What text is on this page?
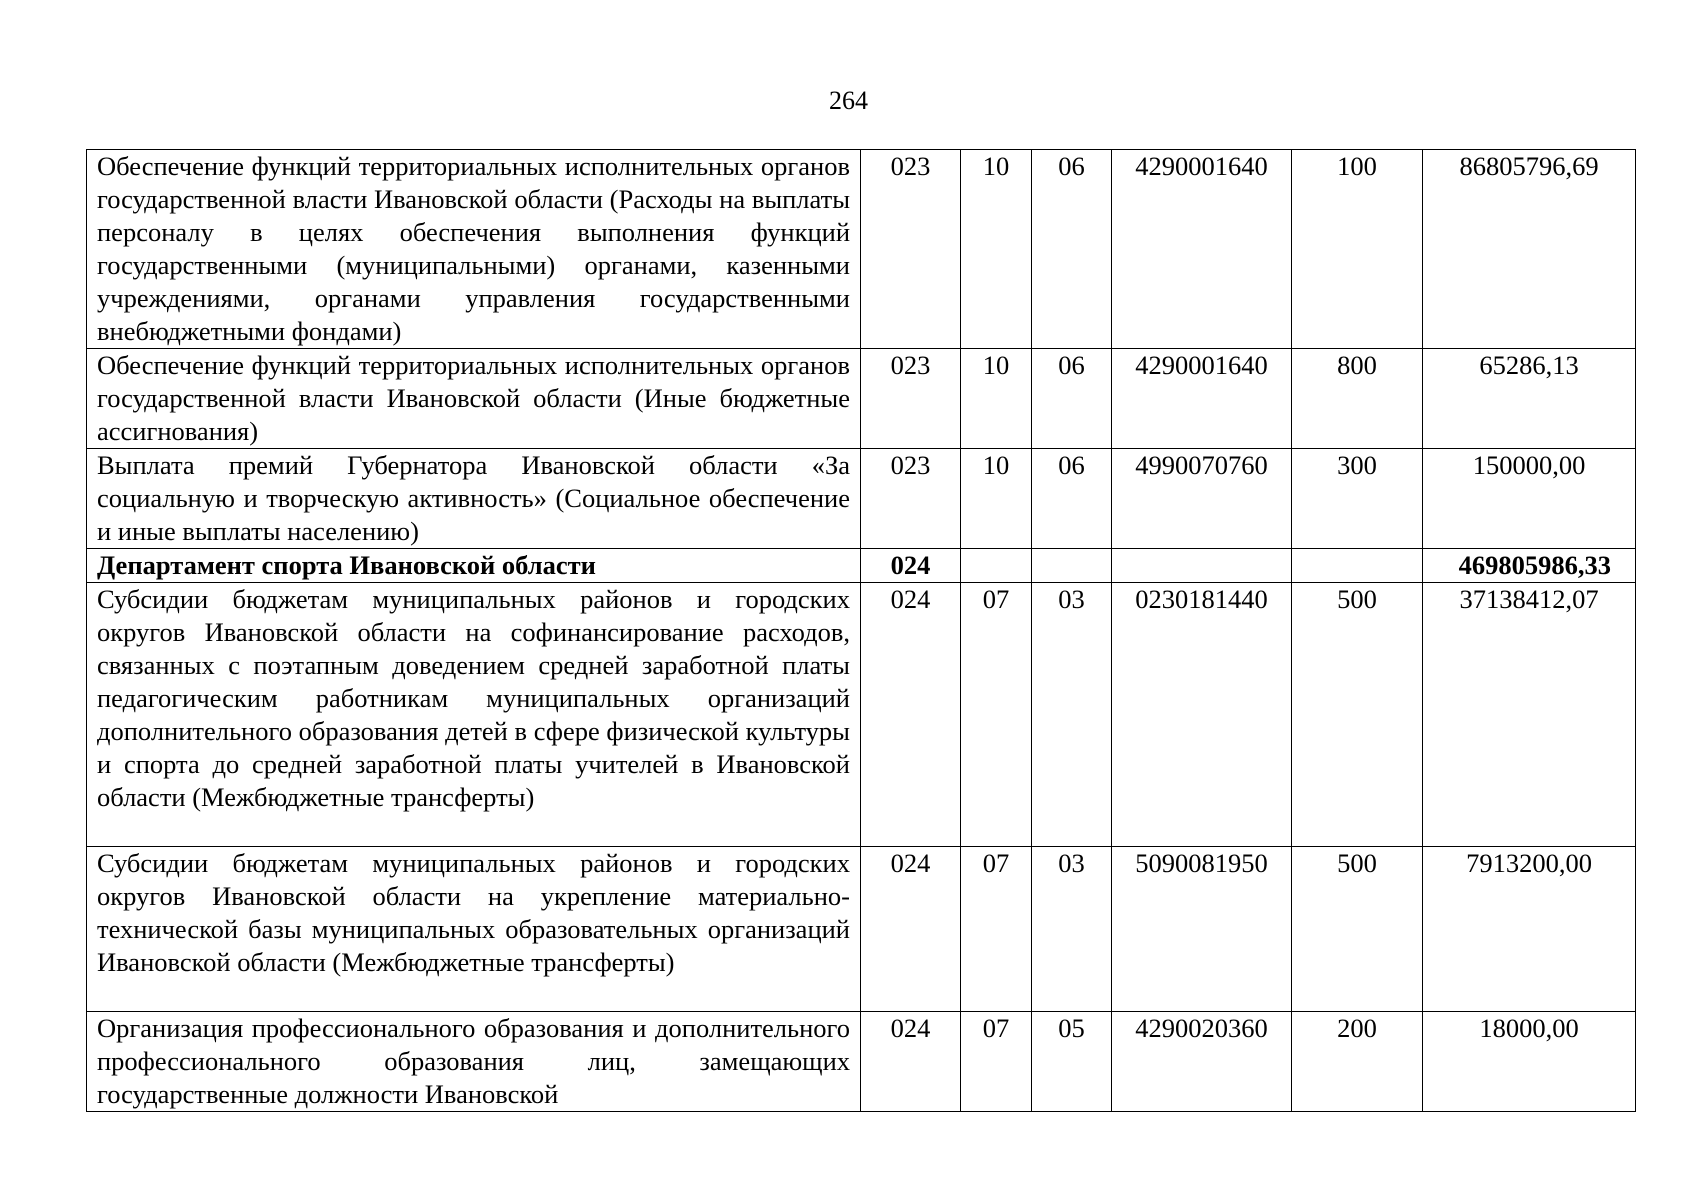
264
Обеспечение функций территориальных исполнительных органов государственной власти Ивановской области (Расходы на выплаты персоналу в целях обеспечения выполнения функций государственными (муниципальными) органами, казенными учреждениями, органами управления государственными внебюджетными фондами)	023	10	06	4290001640	100	86805796,69
Обеспечение функций территориальных исполнительных органов государственной власти Ивановской области (Иные бюджетные ассигнования)	023	10	06	4290001640	800	65286,13
Выплата премий Губернатора Ивановской области «За социальную и творческую активность» (Социальное обеспечение и иные выплаты населению)	023	10	06	4990070760	300	150000,00
Департамент спорта Ивановской области	024					469805986,33
Субсидии бюджетам муниципальных районов и городских округов Ивановской области на софинансирование расходов, связанных с поэтапным доведением средней заработной платы педагогическим работникам муниципальных организаций дополнительного образования детей в сфере физической культуры и спорта до средней заработной платы учителей в Ивановской области (Межбюджетные трансферты)	024	07	03	0230181440	500	37138412,07
Субсидии бюджетам муниципальных районов и городских округов Ивановской области на укрепление материально-технической базы муниципальных образовательных организаций Ивановской области (Межбюджетные трансферты)	024	07	03	5090081950	500	7913200,00
Организация профессионального образования и дополнительного профессионального образования лиц, замещающих государственные должности Ивановской	024	07	05	4290020360	200	18000,00
